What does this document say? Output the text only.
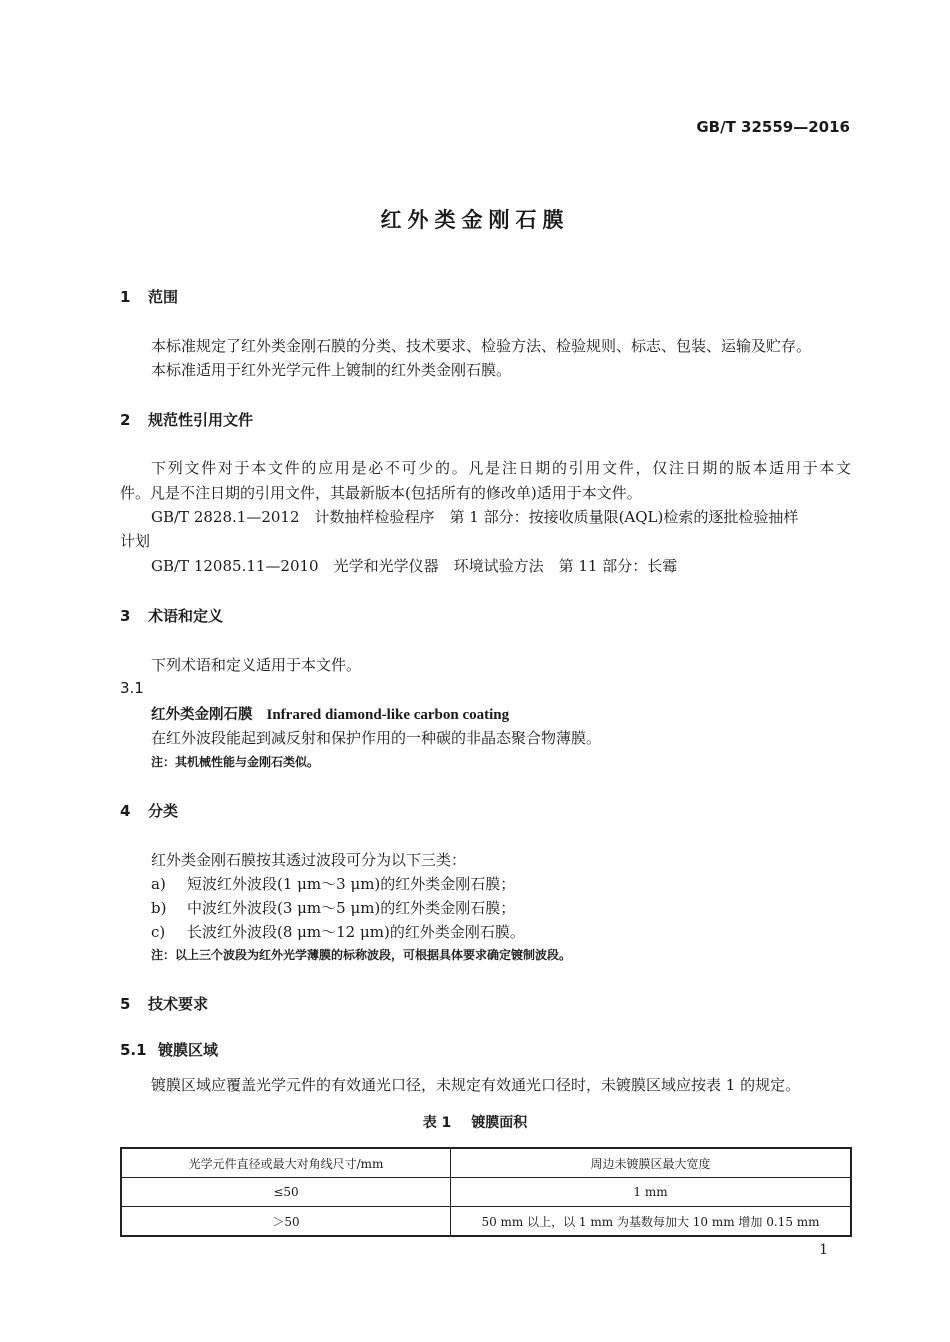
GB/T 32559—2016
红外类金刚石膜
1 范围
本标准规定了红外类金刚石膜的分类、技术要求、检验方法、检验规则、标志、包装、运输及贮存。
本标准适用于红外光学元件上镀制的红外类金刚石膜。
2 规范性引用文件
下列文件对于本文件的应用是必不可少的。凡是注日期的引用文件，仅注日期的版本适用于本文
件。凡是不注日期的引用文件，其最新版本(包括所有的修改单)适用于本文件。
GB/T 2828.1—2012　计数抽样检验程序　第 1 部分：按接收质量限(AQL)检索的逐批检验抽样
计划
GB/T 12085.11—2010　光学和光学仪器　环境试验方法　第 11 部分：长霉
3 术语和定义
下列术语和定义适用于本文件。
3.1
红外类金刚石膜 Infrared diamond-like carbon coating
在红外波段能起到减反射和保护作用的一种碳的非晶态聚合物薄膜。
注：其机械性能与金刚石类似。
4 分类
红外类金刚石膜按其透过波段可分为以下三类：
a) 短波红外波段(1 μm～3 μm)的红外类金刚石膜；
b) 中波红外波段(3 μm～5 μm)的红外类金刚石膜；
c) 长波红外波段(8 μm～12 μm)的红外类金刚石膜。
注：以上三个波段为红外光学薄膜的标称波段，可根据具体要求确定镀制波段。
5 技术要求
5.1 镀膜区域
镀膜区域应覆盖光学元件的有效通光口径，未规定有效通光口径时，未镀膜区域应按表 1 的规定。
表 1 镀膜面积
光学元件直径或最大对角线尺寸/mm	周边未镀膜区最大宽度
≤50	1 mm
＞50	50 mm 以上，以 1 mm 为基数每加大 10 mm 增加 0.15 mm
1
